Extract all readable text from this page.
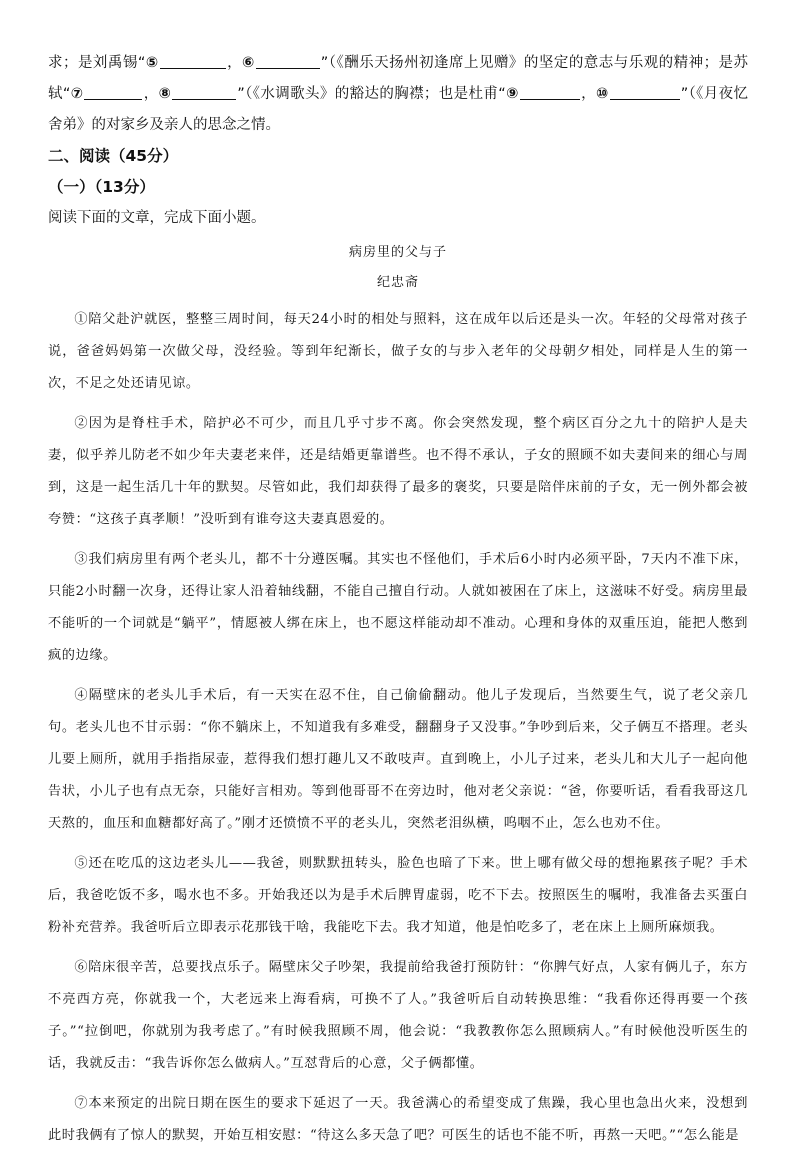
求；是刘禹锡“⑤	，⑥	”（《酬乐天扬州初逢席上见赠》的坚定的意志与乐观的精神；是苏轼“⑦	，⑧	”（《水调歌头》的豁达的胸襟；也是杜甫“⑨	，⑩	”（《月夜忆舍弟》的对家乡及亲人的思念之情。

二、阅读（45分）

（一）（13分）

阅读下面的文章，完成下面小题。

病房里的父与子

纪忠斋

①陪父赴沪就医，整整三周时间，每天24小时的相处与照料，这在成年以后还是头一次。年轻的父母常对孩子说，爸爸妈妈第一次做父母，没经验。等到年纪渐长，做子女的与步入老年的父母朝夕相处，同样是人生的第一次，不足之处还请见谅。

②因为是脊柱手术，陪护必不可少，而且几乎寸步不离。你会突然发现，整个病区百分之九十的陪护人是夫妻，似乎养儿防老不如少年夫妻老来伴，还是结婚更靠谱些。也不得不承认，子女的照顾不如夫妻间来的细心与周到，这是一起生活几十年的默契。尽管如此，我们却获得了最多的褒奖，只要是陪伴床前的子女，无一例外都会被夸赞：“这孩子真孝顺！”没听到有谁夸这夫妻真恩爱的。

③我们病房里有两个老头儿，都不十分遵医嘱。其实也不怪他们，手术后6小时内必须平卧，7天内不准下床，只能2小时翻一次身，还得让家人沿着轴线翻，不能自己擅自行动。人就如被困在了床上，这滋味不好受。病房里最不能听的一个词就是“躺平”，情愿被人绑在床上，也不愿这样能动却不准动。心理和身体的双重压迫，能把人憋到疯的边缘。

④隔壁床的老头儿手术后，有一天实在忍不住，自己偷偷翻动。他儿子发现后，当然要生气，说了老父亲几句。老头儿也不甘示弱：“你不躺床上，不知道我有多难受，翻翻身子又没事。”争吵到后来，父子俩互不搭理。老头儿要上厕所，就用手指指尿壶，惹得我们想打趣儿又不敢吱声。直到晚上，小儿子过来，老头儿和大儿子一起向他告状，小儿子也有点无奈，只能好言相劝。等到他哥哥不在旁边时，他对老父亲说：“爸，你要听话，看看我哥这几天熬的，血压和血糖都好高了。”刚才还愤愤不平的老头儿，突然老泪纵横，呜咽不止，怎么也劝不住。

⑤还在吃瓜的这边老头儿——我爸，则默默扭转头，脸色也暗了下来。世上哪有做父母的想拖累孩子呢？手术后，我爸吃饭不多，喝水也不多。开始我还以为是手术后脾胃虚弱，吃不下去。按照医生的嘱咐，我准备去买蛋白粉补充营养。我爸听后立即表示花那钱干啥，我能吃下去。我才知道，他是怕吃多了，老在床上上厕所麻烦我。

⑥陪床很辛苦，总要找点乐子。隔壁床父子吵架，我提前给我爸打预防针：“你脾气好点，人家有俩儿子，东方不亮西方亮，你就我一个，大老远来上海看病，可换不了人。”我爸听后自动转换思维：“我看你还得再要一个孩子。”“拉倒吧，你就别为我考虑了。”有时候我照顾不周，他会说：“我教教你怎么照顾病人。”有时候他没听医生的话，我就反击：“我告诉你怎么做病人。”互怼背后的心意，父子俩都懂。

⑦本来预定的出院日期在医生的要求下延迟了一天。我爸满心的希望变成了焦躁，我心里也急出火来，没想到此时我俩有了惊人的默契，开始互相安慰：“待这么多天急了吧？可医生的话也不能不听，再熬一天吧。”“怎么能是
